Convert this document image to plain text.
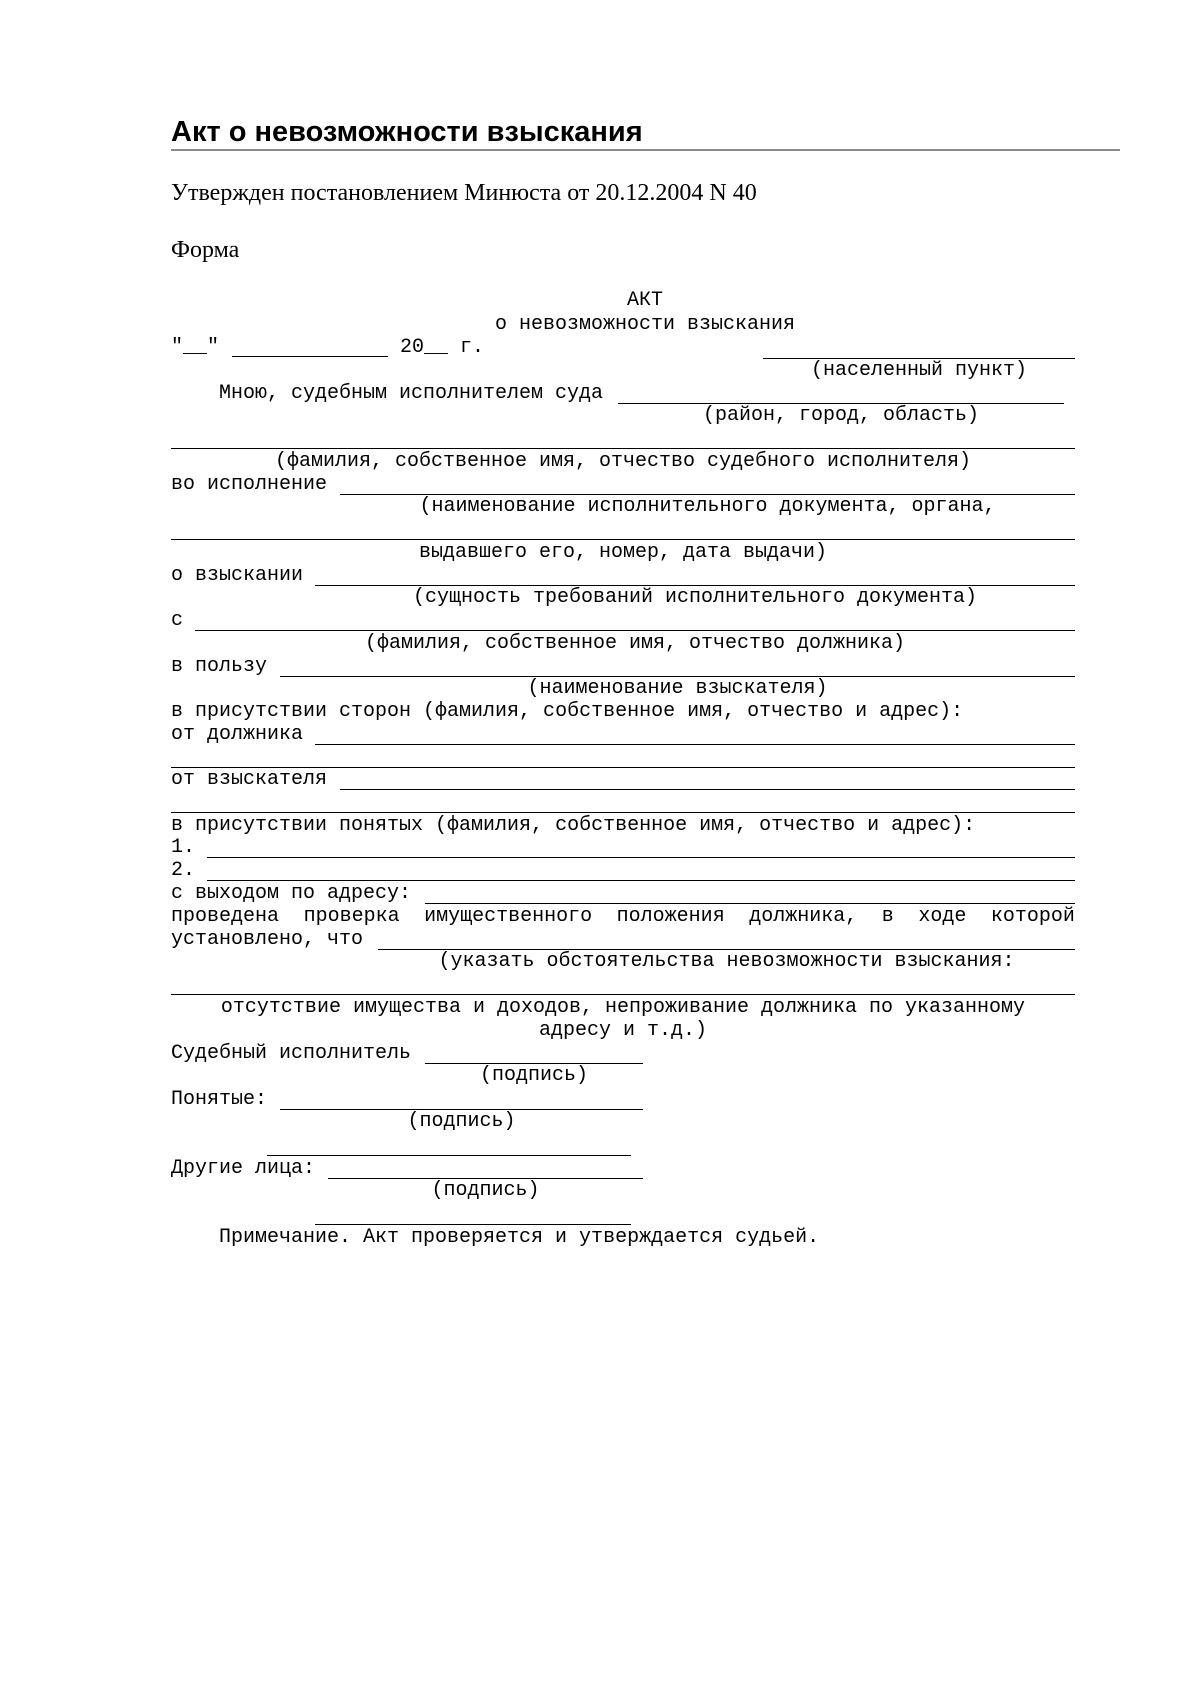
Акт о невозможности взыскания
Утвержден постановлением Минюста от 20.12.2004 N 40
Форма
АКТ
о невозможности взыскания
"__"	20__ г.
(населенный пункт)
Мною, судебным исполнителем суда
(район, город, область)
(фамилия, собственное имя, отчество судебного исполнителя)
во исполнение
(наименование исполнительного документа, органа,
выдавшего его, номер, дата выдачи)
о взыскании
(сущность требований исполнительного документа)
с
(фамилия, собственное имя, отчество должника)
в пользу
(наименование взыскателя)
в присутствии сторон (фамилия, собственное имя, отчество и адрес):
от должника
от взыскателя
в присутствии понятых (фамилия, собственное имя, отчество и адрес):
1.
2.
с выходом по адресу:
проведена проверка имущественного положения должника, в ходе которой
установлено, что
(указать обстоятельства невозможности взыскания:
отсутствие имущества и доходов, непроживание должника по указанному
адресу и т.д.)
Судебный исполнитель
(подпись)
Понятые:
(подпись)
Другие лица:
(подпись)
Примечание. Акт проверяется и утверждается судьей.
